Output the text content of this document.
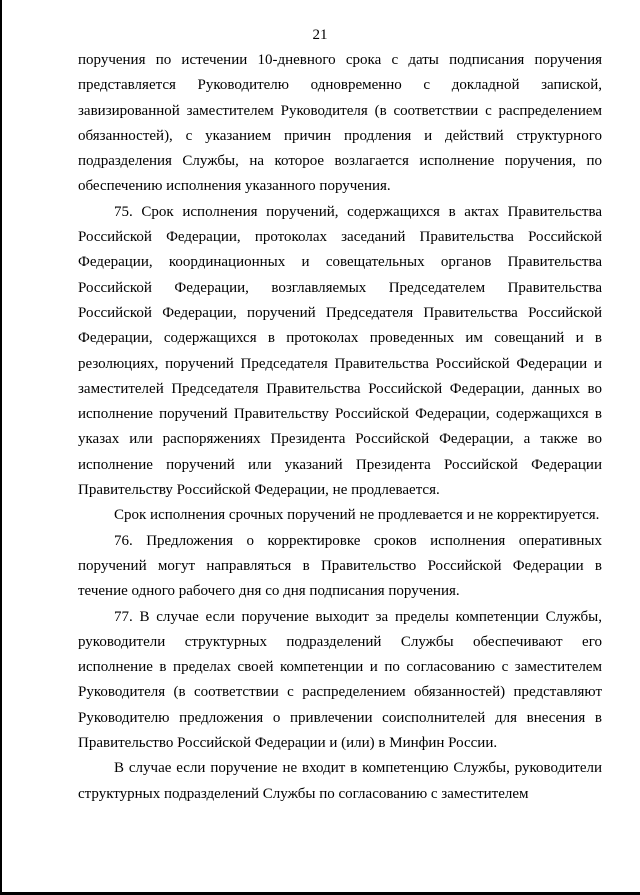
21

поручения по истечении 10-дневного срока с даты подписания поручения представляется Руководителю одновременно с докладной запиской, завизированной заместителем Руководителя (в соответствии с распределением обязанностей), с указанием причин продления и действий структурного подразделения Службы, на которое возлагается исполнение поручения, по обеспечению исполнения указанного поручения.

75. Срок исполнения поручений, содержащихся в актах Правительства Российской Федерации, протоколах заседаний Правительства Российской Федерации, координационных и совещательных органов Правительства Российской Федерации, возглавляемых Председателем Правительства Российской Федерации, поручений Председателя Правительства Российской Федерации, содержащихся в протоколах проведенных им совещаний и в резолюциях, поручений Председателя Правительства Российской Федерации и заместителей Председателя Правительства Российской Федерации, данных во исполнение поручений Правительству Российской Федерации, содержащихся в указах или распоряжениях Президента Российской Федерации, а также во исполнение поручений или указаний Президента Российской Федерации Правительству Российской Федерации, не продлевается.

Срок исполнения срочных поручений не продлевается и не корректируется.

76. Предложения о корректировке сроков исполнения оперативных поручений могут направляться в Правительство Российской Федерации в течение одного рабочего дня со дня подписания поручения.

77. В случае если поручение выходит за пределы компетенции Службы, руководители структурных подразделений Службы обеспечивают его исполнение в пределах своей компетенции и по согласованию с заместителем Руководителя (в соответствии с распределением обязанностей) представляют Руководителю предложения о привлечении соисполнителей для внесения в Правительство Российской Федерации и (или) в Минфин России.

В случае если поручение не входит в компетенцию Службы, руководители структурных подразделений Службы по согласованию с заместителем
